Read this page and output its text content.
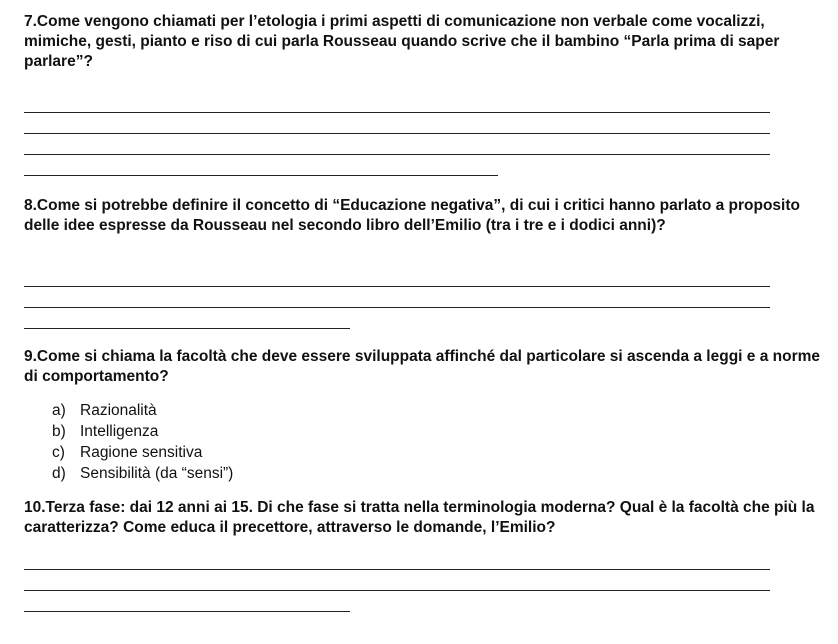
7.Come vengono chiamati per l’etologia i primi aspetti di comunicazione non verbale come vocalizzi, mimiche, gesti, pianto e riso di cui parla Rousseau quando scrive che il bambino “Parla prima di saper parlare”?

8.Come si potrebbe definire il concetto di “Educazione negativa”, di cui i critici hanno parlato a proposito delle idee espresse da Rousseau nel secondo libro dell’Emilio (tra i tre e i dodici anni)?

9.Come si chiama la facoltà che deve essere sviluppata affinché dal particolare si ascenda a leggi e a norme di comportamento?

a) Razionalità
b) Intelligenza
c) Ragione sensitiva
d) Sensibilità (da “sensi”)

10.Terza fase: dai 12 anni ai 15. Di che fase si tratta nella terminologia moderna? Qual è la facoltà che più la caratterizza? Come educa il precettore, attraverso le domande, l’Emilio?
